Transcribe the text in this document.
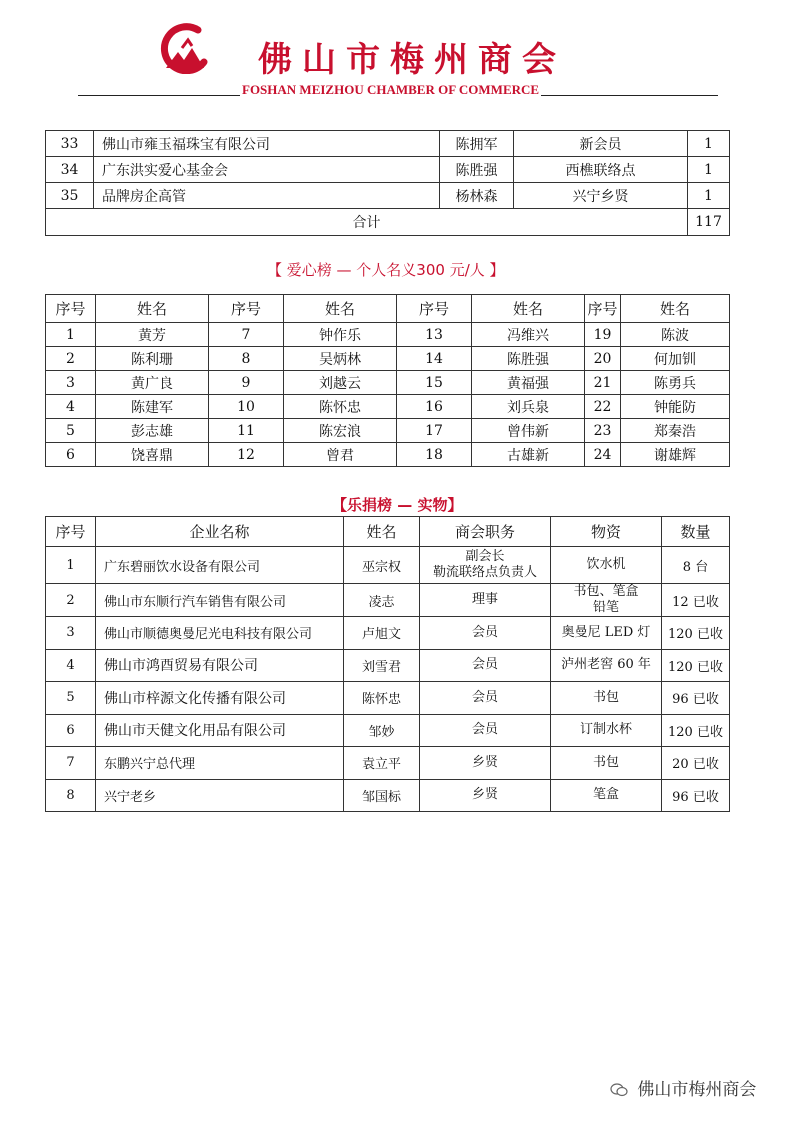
佛山市梅州商会
FOSHAN MEIZHOU CHAMBER OF COMMERCE
33	佛山市雍玉福珠宝有限公司	陈拥军	新会员	1
34	广东洪实爱心基金会	陈胜强	西樵联络点	1
35	品牌房企高管	杨林森	兴宁乡贤	1
合计				117
【 爱心榜 — 个人名义300 元/人 】
序号	姓名	序号	姓名	序号	姓名	序号	姓名
1	黄芳	7	钟作乐	13	冯维兴	19	陈波
2	陈利珊	8	吴炳林	14	陈胜强	20	何加钏
3	黄广良	9	刘越云	15	黄福强	21	陈勇兵
4	陈建军	10	陈怀忠	16	刘兵泉	22	钟能防
5	彭志雄	11	陈宏浪	17	曾伟新	23	郑秦浩
6	饶喜鼎	12	曾君	18	古雄新	24	谢雄辉
【乐捐榜 — 实物】
序号	企业名称	姓名	商会职务	物资	数量
1	广东碧丽饮水设备有限公司	巫宗权	副会长
勒流联络点负责人	饮水机	8 台
2	佛山市东顺行汽车销售有限公司	凌志	理事	书包、笔盒
铅笔	12 已收
3	佛山市顺德奥曼尼光电科技有限公司	卢旭文	会员	奥曼尼 LED 灯	120 已收
4	佛山市鸿酉贸易有限公司	刘雪君	会员	泸州老窖 60 年	120 已收
5	佛山市梓源文化传播有限公司	陈怀忠	会员	书包	96 已收
6	佛山市天健文化用品有限公司	邹妙	会员	订制水杯	120 已收
7	东鹏兴宁总代理	袁立平	乡贤	书包	20 已收
8	兴宁老乡	邹国标	乡贤	笔盒	96 已收
佛山市梅州商会
